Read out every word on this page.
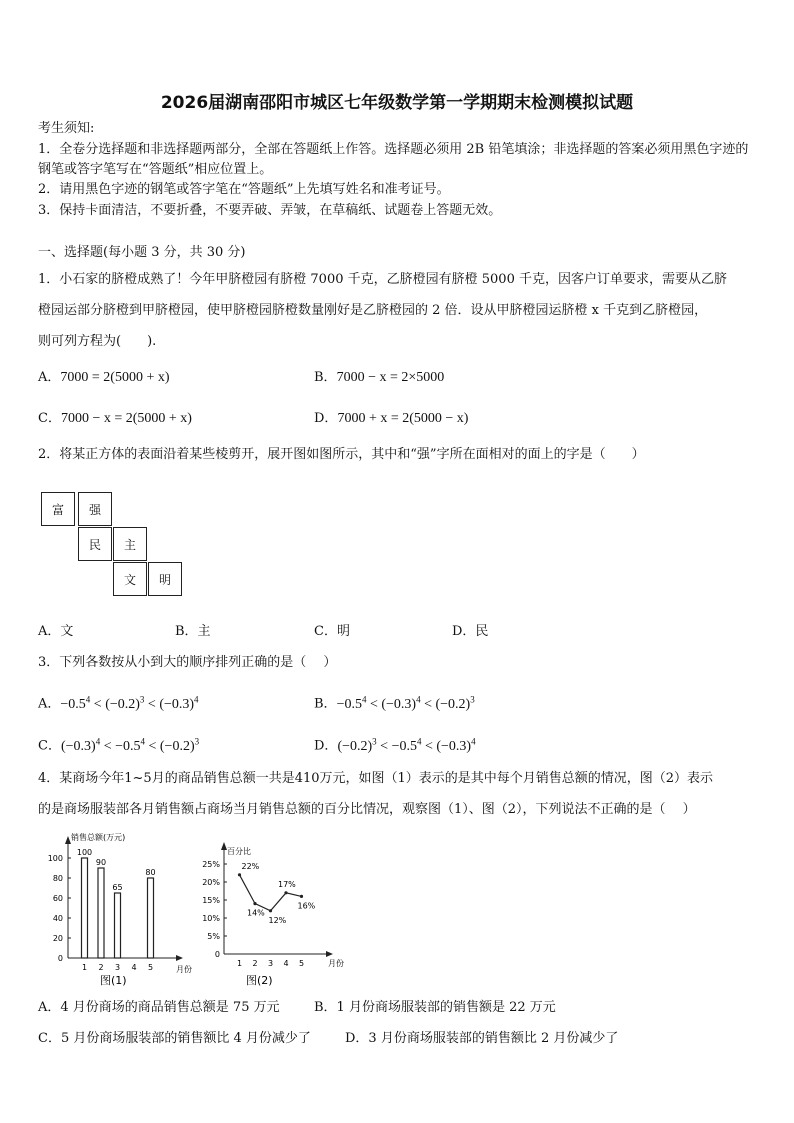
2026届湖南邵阳市城区七年级数学第一学期期末检测模拟试题
考生须知:
1．全卷分选择题和非选择题两部分，全部在答题纸上作答。选择题必须用 2B 铅笔填涂；非选择题的答案必须用黑色字迹的钢笔或答字笔写在“答题纸”相应位置上。
2．请用黑色字迹的钢笔或答字笔在“答题纸”上先填写姓名和准考证号。
3．保持卡面清洁，不要折叠，不要弄破、弄皱，在草稿纸、试题卷上答题无效。
一、选择题(每小题 3 分，共 30 分)
1．小石家的脐橙成熟了！今年甲脐橙园有脐橙 7000 千克，乙脐橙园有脐橙 5000 千克，因客户订单要求，需要从乙脐
橙园运部分脐橙到甲脐橙园，使甲脐橙园脐橙数量刚好是乙脐橙园的 2 倍．设从甲脐橙园运脐橙 x 千克到乙脐橙园，
则可列方程为(　　).
A．7000 = 2(5000 + x)	B．7000 − x = 2×5000
C．7000 − x = 2(5000 + x)	D．7000 + x = 2(5000 − x)
2．将某正方体的表面沿着某些棱剪开，展开图如图所示，其中和“强”字所在面相对的面上的字是（　　）
富	强
民	主
文	明
A．文	B．主	C．明	D．民
3．下列各数按从小到大的顺序排列正确的是（　 ）
A．$-0.5^4 < (-0.2)^3 < (-0.3)^4$	B．$-0.5^4 < (-0.3)^4 < (-0.2)^3$
C．$(-0.3)^4 < -0.5^4 < (-0.2)^3$	D．$(-0.2)^3 < -0.5^4 < (-0.3)^4$
4．某商场今年1~5月的商品销售总额一共是410万元，如图（1）表示的是其中每个月销售总额的情况，图（2）表示
的是商场服装部各月销售额占商场当月销售总额的百分比情况，观察图（1）、图（2），下列说法不正确的是（　 ）
销售总额(万元)
0
20
40
60
80
100
1
100
2
90
3
65
4 5
80
月份
图(1)
百分比
0
5%
10%
15%
20%
25%
1
22%
2
14%
3
12%
4
17%
5
16%
月份
图(2)
A．4 月份商场的商品销售总额是 75 万元	B．1 月份商场服装部的销售额是 22 万元
C．5 月份商场服装部的销售额比 4 月份减少了	D．3 月份商场服装部的销售额比 2 月份减少了
